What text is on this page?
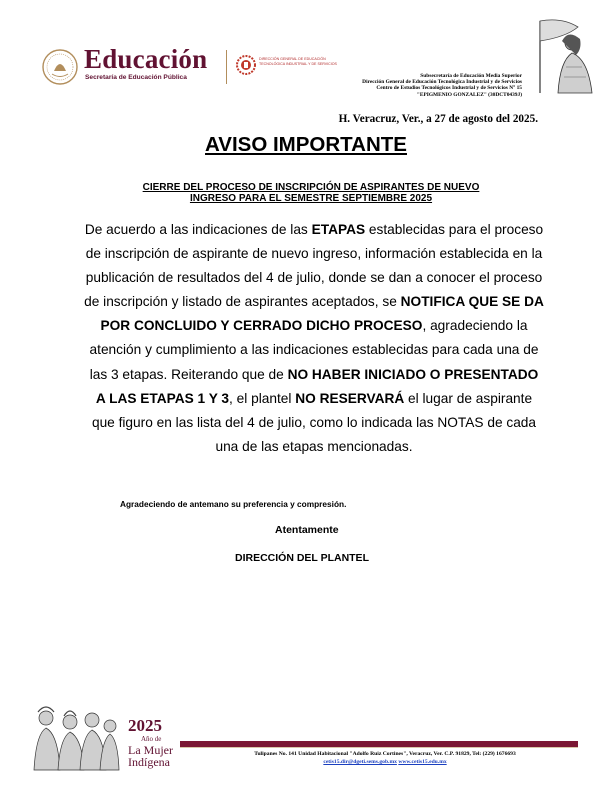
Educación
Secretaría de Educación Pública
DIRECCIÓN GENERAL DE EDUCACIÓN TECNOLÓGICA INDUSTRIAL Y DE SERVICIOS
Subsecretaría de Educación Media Superior
Dirección General de Educación Tecnológica Industrial y de Servicios
Centro de Estudios Tecnológicos Industrial y de Servicios N° 15
"EPIGMENIO GONZALEZ" (30DCT0439J)
H. Veracruz, Ver., a 27 de agosto del 2025.
AVISO IMPORTANTE
CIERRE DEL PROCESO DE INSCRIPCIÓN DE ASPIRANTES DE NUEVO
INGRESO PARA EL SEMESTRE SEPTIEMBRE 2025
De acuerdo a las indicaciones de las ETAPAS establecidas para el proceso de inscripción de aspirante de nuevo ingreso, información establecida en la publicación de resultados del 4 de julio, donde se dan a conocer el proceso de inscripción y listado de aspirantes aceptados, se NOTIFICA QUE SE DA POR CONCLUIDO Y CERRADO DICHO PROCESO, agradeciendo la atención y cumplimiento a las indicaciones establecidas para cada una de las 3 etapas. Reiterando que de NO HABER INICIADO O PRESENTADO A LAS ETAPAS 1 Y 3, el plantel NO RESERVARÁ el lugar de aspirante que figuro en las lista del 4 de julio, como lo indicada las NOTAS de cada una de las etapas mencionadas.
Agradeciendo de antemano su preferencia y compresión.
Atentamente
DIRECCIÓN DEL PLANTEL
2025
Año de
La Mujer
Indígena
Tulipanes No. 141 Unidad Habitacional "Adolfo Ruiz Cortines", Veracruz, Ver. C.P. 91829, Tel: (229) 1676693
cetis15.dir@dgeti.sems.gob.mx www.cetis15.edu.mx
